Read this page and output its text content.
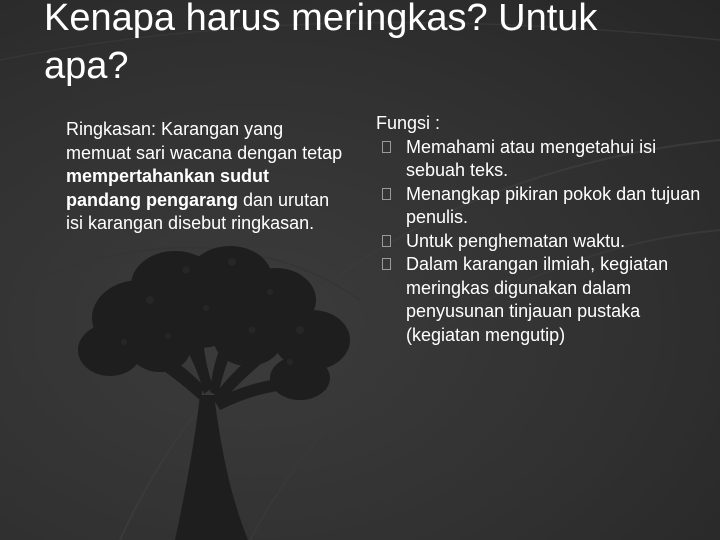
Kenapa harus meringkas? Untuk apa?

Ringkasan: Karangan yang memuat sari wacana dengan tetap mempertahankan sudut pandang pengarang dan urutan isi karangan disebut ringkasan.

Fungsi :

Memahami atau mengetahui isi sebuah teks.
Menangkap pikiran pokok dan tujuan penulis.
Untuk penghematan waktu.
Dalam karangan ilmiah, kegiatan meringkas digunakan dalam penyusunan tinjauan pustaka (kegiatan mengutip)
